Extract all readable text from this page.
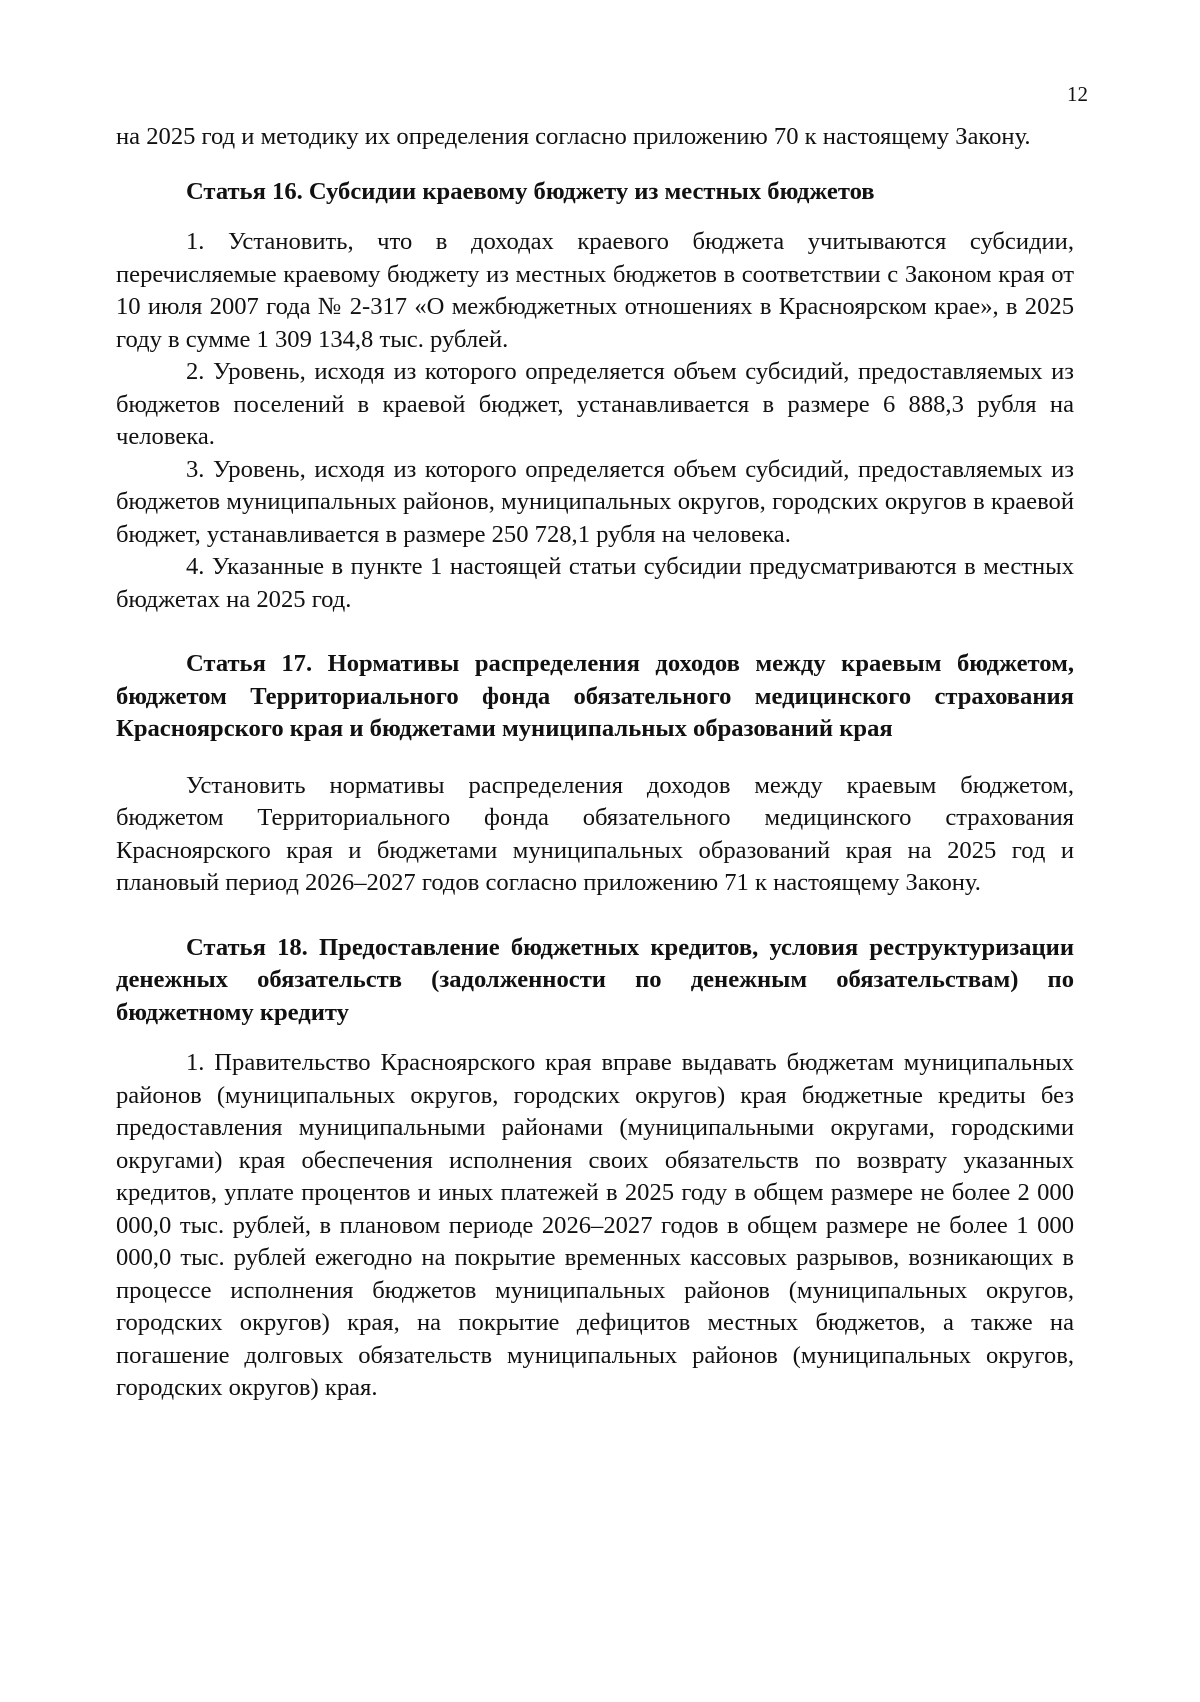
12

на 2025 год и методику их определения согласно приложению 70 к настоящему Закону.

Статья 16. Субсидии краевому бюджету из местных бюджетов

1. Установить, что в доходах краевого бюджета учитываются субсидии, перечисляемые краевому бюджету из местных бюджетов в соответствии с Законом края от 10 июля 2007 года № 2-317 «О межбюджетных отношениях в Красноярском крае», в 2025 году в сумме 1 309 134,8 тыс. рублей.

2. Уровень, исходя из которого определяется объем субсидий, предоставляемых из бюджетов поселений в краевой бюджет, устанавливается в размере 6 888,3 рубля на человека.

3. Уровень, исходя из которого определяется объем субсидий, предоставляемых из бюджетов муниципальных районов, муниципальных округов, городских округов в краевой бюджет, устанавливается в размере 250 728,1 рубля на человека.

4. Указанные в пункте 1 настоящей статьи субсидии предусматриваются в местных бюджетах на 2025 год.

Статья 17. Нормативы распределения доходов между краевым бюджетом, бюджетом Территориального фонда обязательного медицинского страхования Красноярского края и бюджетами муниципальных образований края

Установить нормативы распределения доходов между краевым бюджетом, бюджетом Территориального фонда обязательного медицинского страхования Красноярского края и бюджетами муниципальных образований края на 2025 год и плановый период 2026–2027 годов согласно приложению 71 к настоящему Закону.

Статья 18. Предоставление бюджетных кредитов, условия реструктуризации денежных обязательств (задолженности по денежным обязательствам) по бюджетному кредиту

1. Правительство Красноярского края вправе выдавать бюджетам муниципальных районов (муниципальных округов, городских округов) края бюджетные кредиты без предоставления муниципальными районами (муниципальными округами, городскими округами) края обеспечения исполнения своих обязательств по возврату указанных кредитов, уплате процентов и иных платежей в 2025 году в общем размере не более 2 000 000,0 тыс. рублей, в плановом периоде 2026–2027 годов в общем размере не более 1 000 000,0 тыс. рублей ежегодно на покрытие временных кассовых разрывов, возникающих в процессе исполнения бюджетов муниципальных районов (муниципальных округов, городских округов) края, на покрытие дефицитов местных бюджетов, а также на погашение долговых обязательств муниципальных районов (муниципальных округов, городских округов) края.
